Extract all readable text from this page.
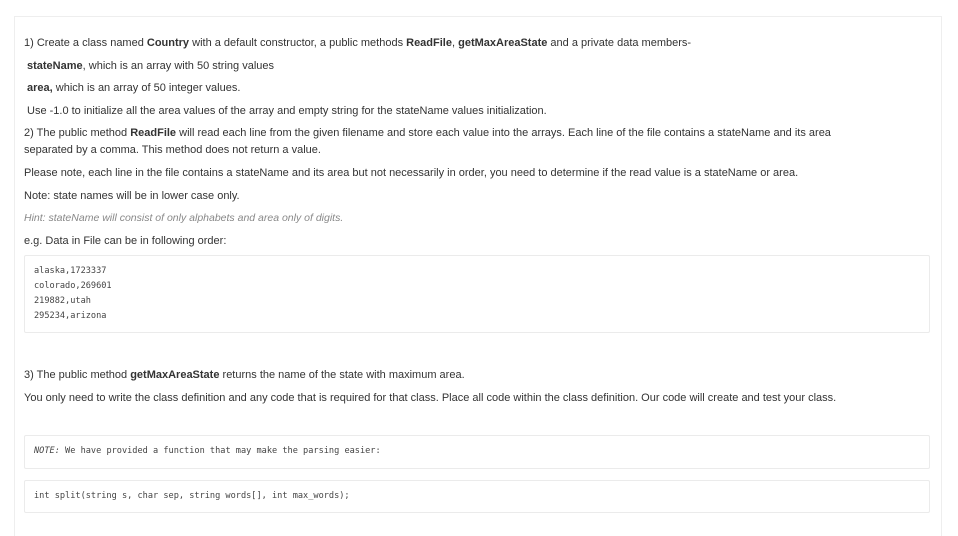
1) Create a class named Country with a default constructor, a public methods ReadFile, getMaxAreaState and a private data members-
stateName, which is an array with 50 string values
area, which is an array of 50 integer values.
Use -1.0 to initialize all the area values of the array and empty string for the stateName values initialization.
2) The public method ReadFile will read each line from the given filename and store each value into the arrays. Each line of the file contains a stateName and its area
separated by a comma. This method does not return a value.
Please note, each line in the file contains a stateName and its area but not necessarily in order, you need to determine if the read value is a stateName or area.
Note: state names will be in lower case only.
Hint: stateName will consist of only alphabets and area only of digits.
e.g. Data in File can be in following order:
alaska,1723337
colorado,269601
219882,utah
295234,arizona
3) The public method getMaxAreaState returns the name of the state with maximum area.
You only need to write the class definition and any code that is required for that class. Place all code within the class definition. Our code will create and test your class.
NOTE: We have provided a function that may make the parsing easier:
int split(string s, char sep, string words[], int max_words);
